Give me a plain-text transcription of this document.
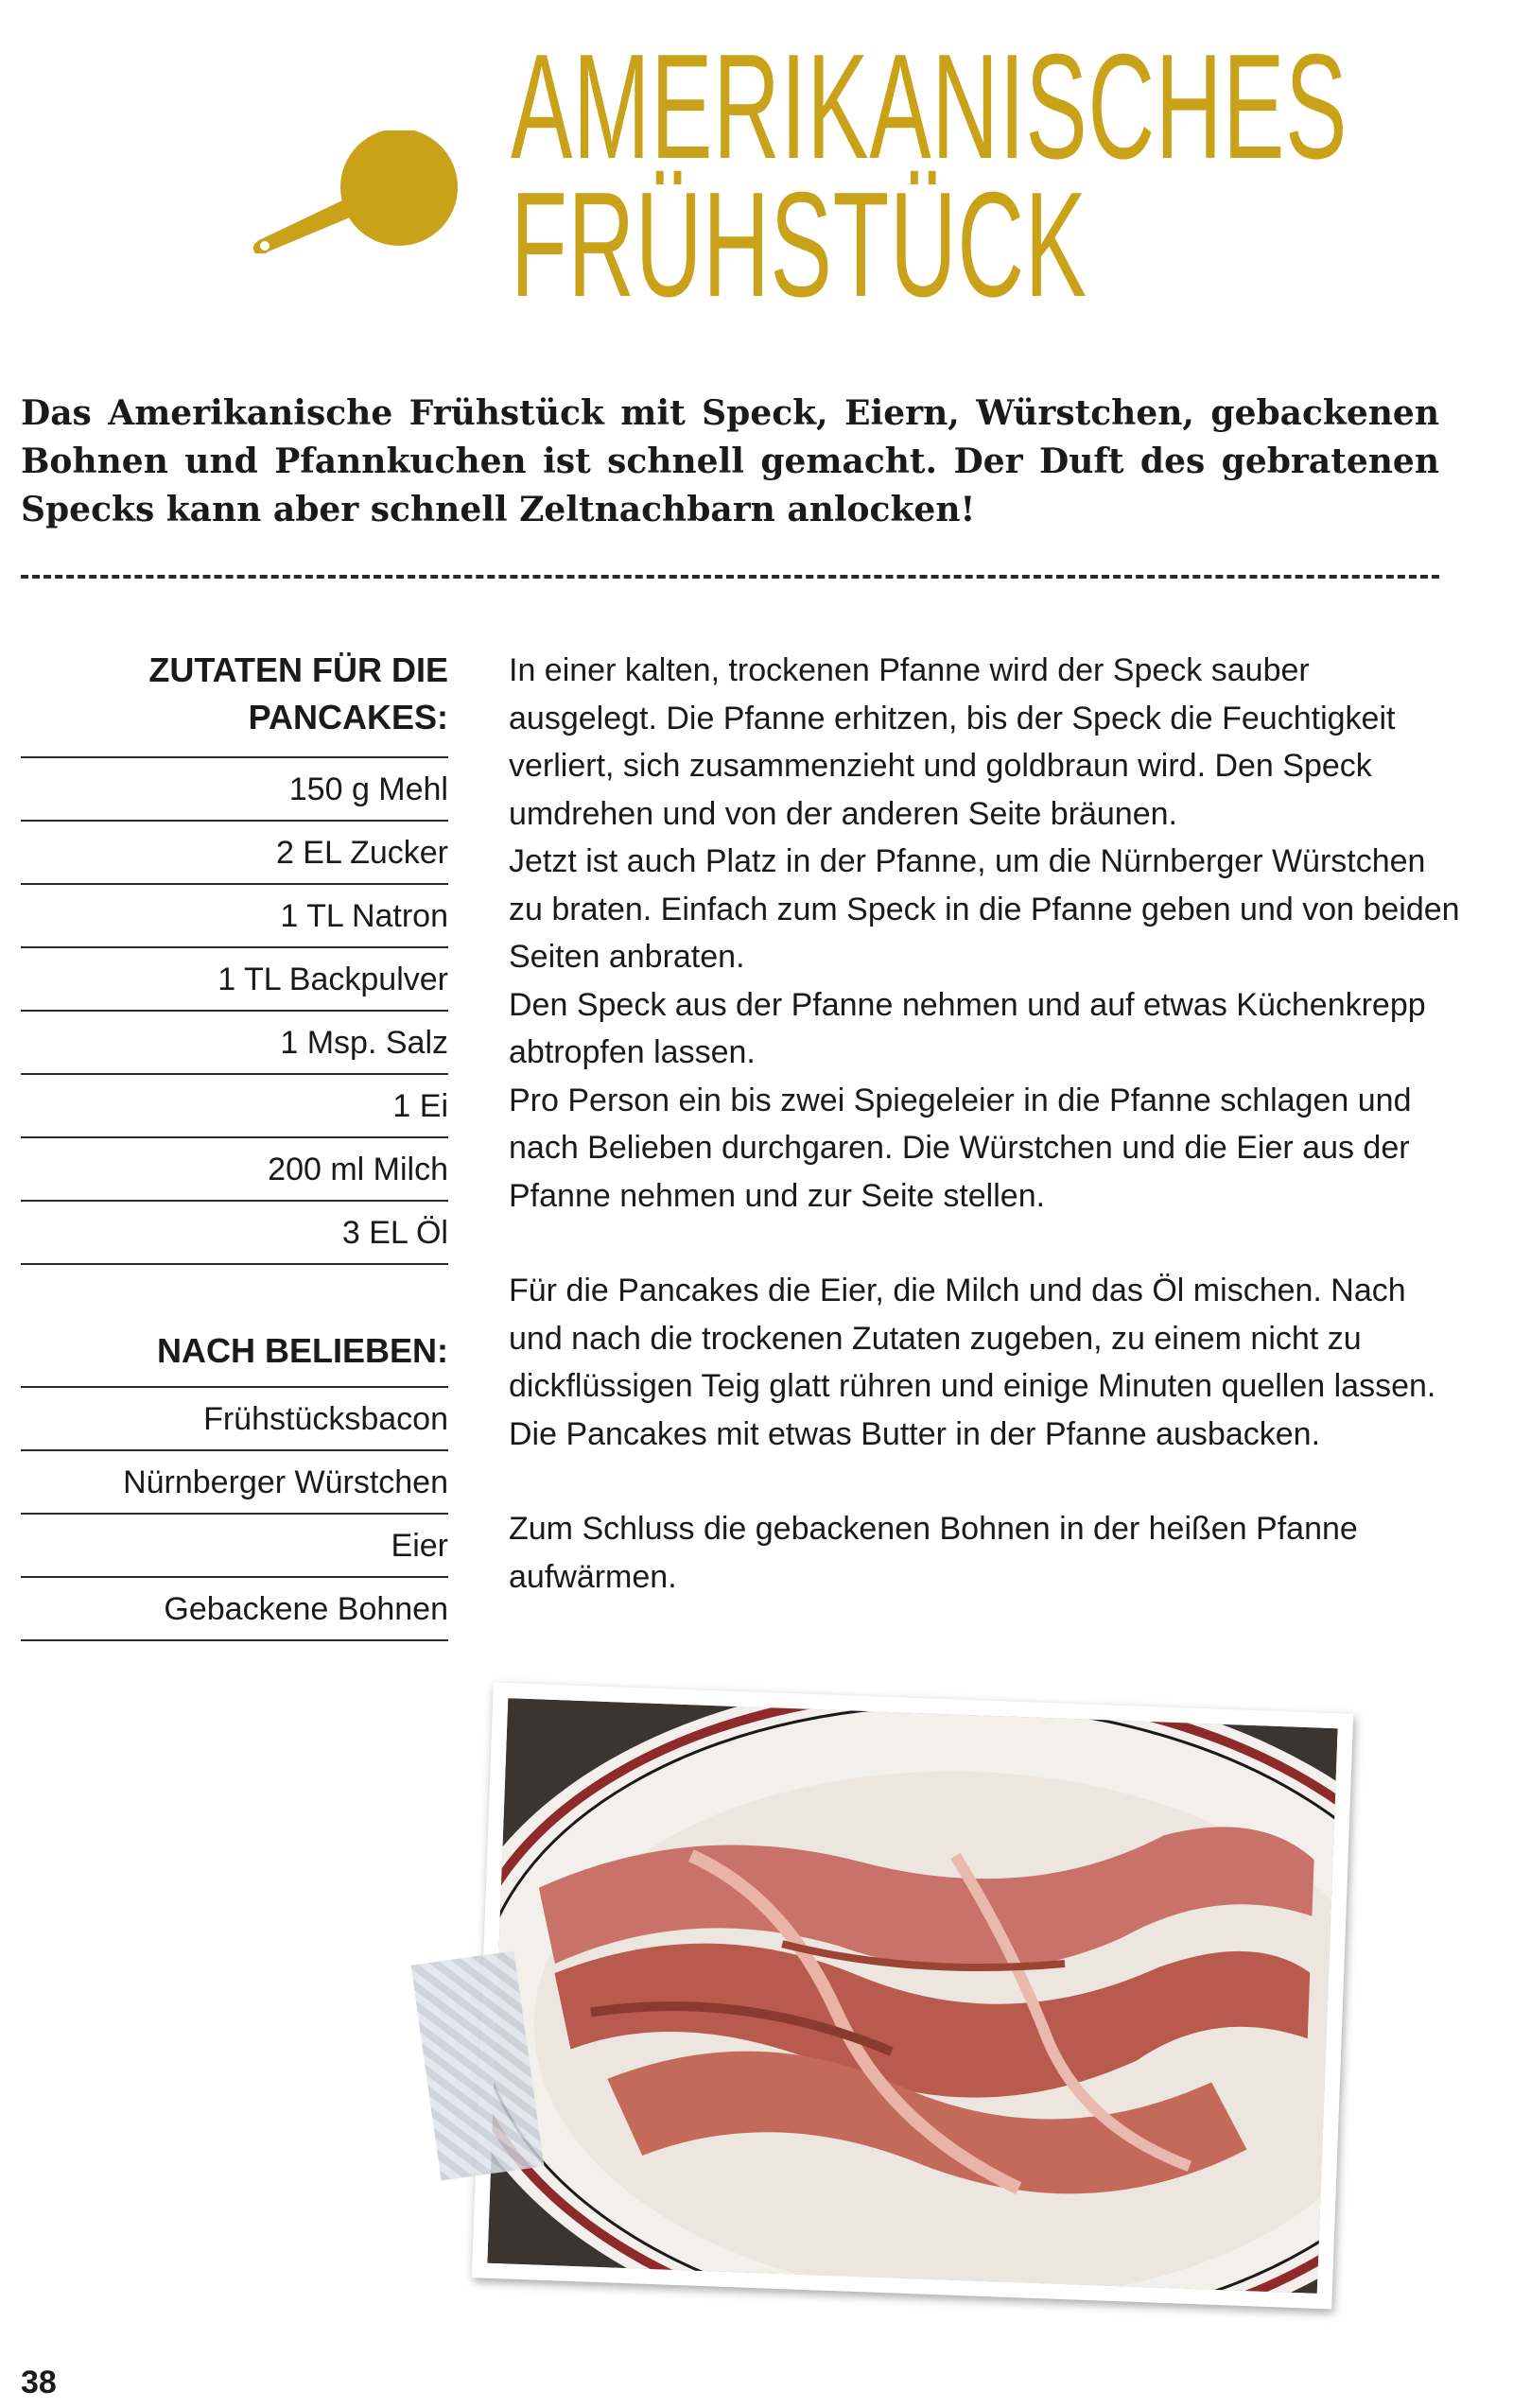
AMERIKANISCHES
FRÜHSTÜCK

Das Amerikanische Frühstück mit Speck, Eiern, Würstchen, gebackenen Bohnen und Pfannkuchen ist schnell gemacht. Der Duft des gebratenen Specks kann aber schnell Zeltnachbarn anlocken!

ZUTATEN FÜR DIE PANCAKES:
150 g Mehl
2 EL Zucker
1 TL Natron
1 TL Backpulver
1 Msp. Salz
1 Ei
200 ml Milch
3 EL Öl
NACH BELIEBEN:
Frühstücksbacon
Nürnberger Würstchen
Eier
Gebackene Bohnen

In einer kalten, trockenen Pfanne wird der Speck sauber ausgelegt. Die Pfanne erhitzen, bis der Speck die Feuchtigkeit verliert, sich zusammenzieht und goldbraun wird. Den Speck umdrehen und von der anderen Seite bräunen.

Jetzt ist auch Platz in der Pfanne, um die Nürnberger Würstchen zu braten. Einfach zum Speck in die Pfanne geben und von beiden Seiten anbraten.

Den Speck aus der Pfanne nehmen und auf etwas Küchenkrepp abtropfen lassen.

Pro Person ein bis zwei Spiegeleier in die Pfanne schlagen und nach Belieben durchgaren. Die Würstchen und die Eier aus der Pfanne nehmen und zur Seite stellen.

Für die Pancakes die Eier, die Milch und das Öl mischen. Nach und nach die trockenen Zutaten zugeben, zu einem nicht zu dickflüssigen Teig glatt rühren und einige Minuten quellen lassen. Die Pancakes mit etwas Butter in der Pfanne ausbacken.

Zum Schluss die gebackenen Bohnen in der heißen Pfanne aufwärmen.

38
